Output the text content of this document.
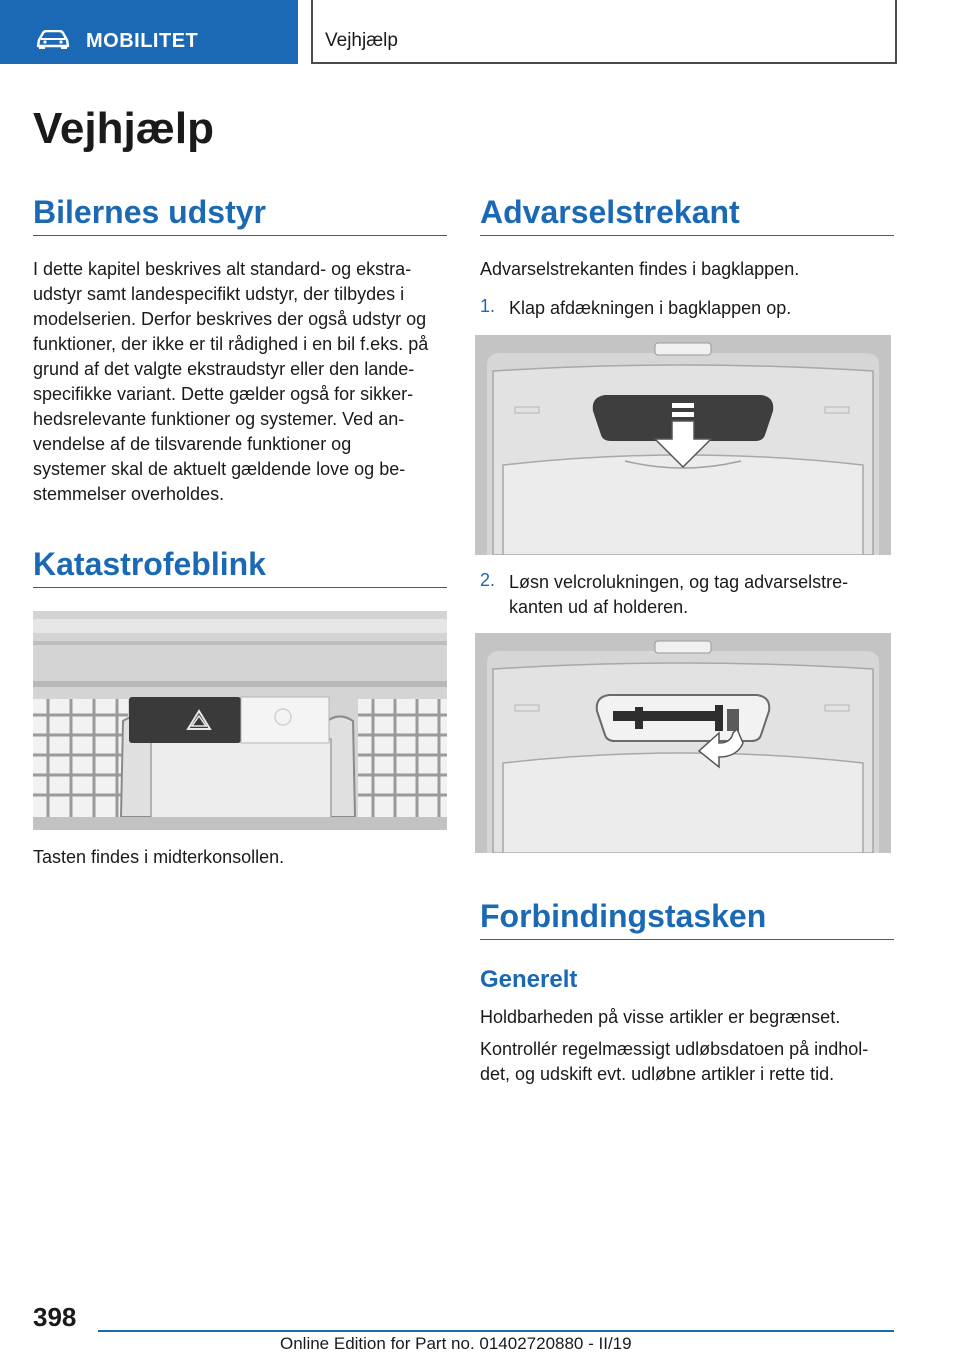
MOBILITET	Vejhjælp
Vejhjælp
Bilernes udstyr

I dette kapitel beskrives alt standard- og ekstra-

udstyr samt landespecifikt udstyr, der tilbydes i

modelserien. Derfor beskrives der også udstyr og

funktioner, der ikke er til rådighed i en bil f.eks. på

grund af det valgte ekstraudstyr eller den lande-

specifikke variant. Dette gælder også for sikker-

hedsrelevante funktioner og systemer. Ved an-

vendelse af de tilsvarende funktioner og

systemer skal de aktuelt gældende love og be-

stemmelser overholdes.

Katastrofeblink

Tasten findes i midterkonsollen.

Advarselstrekant

Advarselstrekanten findes i bagklappen.

1. Klap afdækningen i bagklappen op.

2. Løsn velcrolukningen, og tag advarselstre-

kanten ud af holderen.

Forbindingstasken
Generelt

Holdbarheden på visse artikler er begrænset.

Kontrollér regelmæssigt udløbsdatoen på indhol-

det, og udskift evt. udløbne artikler i rette tid.

398
Online Edition for Part no. 01402720880 - II/19
